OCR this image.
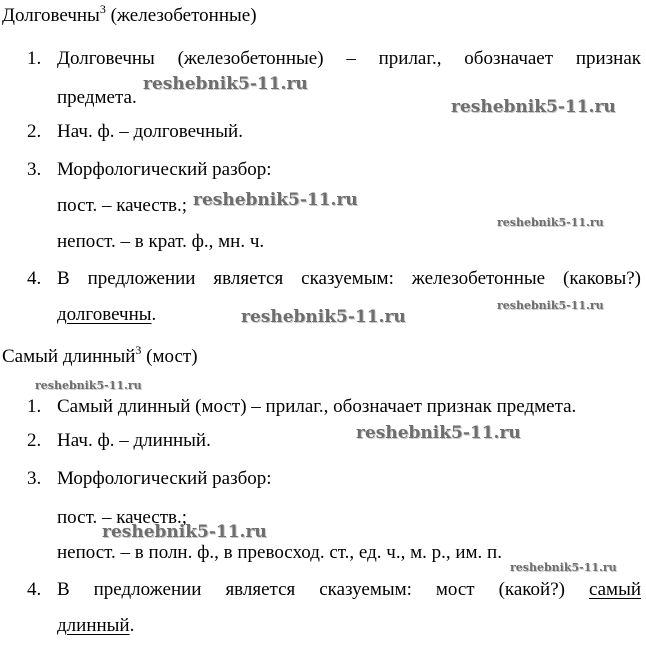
Долговечны$^3$ (железобетонные)
1. Долговечны (железобетонные) – прилаг., обозначает признак
предмета.
2. Нач. ф. – долговечный.
3. Морфологический разбор:
пост. – качеств.;
непост. – в крат. ф., мн. ч.
4. В предложении является сказуемым: железобетонные (каковы?)
долговечны.
Самый длинный$^3$ (мост)
1. Самый длинный (мост) – прилаг., обозначает признак предмета.
2. Нач. ф. – длинный.
3. Морфологический разбор:
пост. – качеств.;
непост. – в полн. ф., в превосход. ст., ед. ч., м. р., им. п.
4. В предложении является сказуемым: мост (какой?) самый
длинный.
reshebnik5-11.ru
reshebnik5-11.ru
reshebnik5-11.ru
reshebnik5-11.ru
reshebnik5-11.ru
reshebnik5-11.ru
reshebnik5-11.ru
reshebnik5-11.ru
reshebnik5-11.ru
reshebnik5-11.ru
